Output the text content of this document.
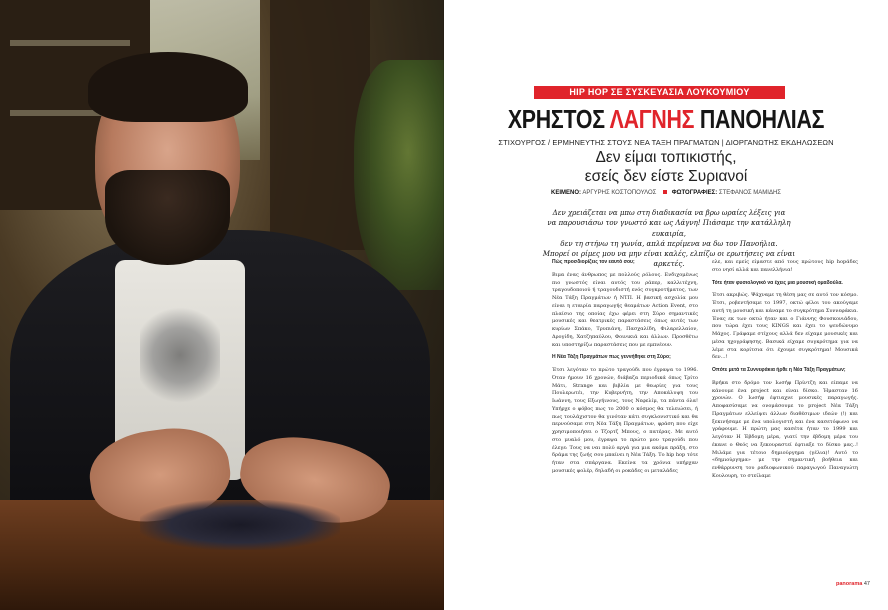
HIP HOP ΣΕ ΣΥΣΚΕΥΑΣΙΑ ΛΟΥΚΟΥΜΙΟΥ
ΧΡΗΣΤΟΣ ΛΑΓΝΗΣ ΠΑΝΟΗΛΙΑΣ
ΣΤΙΧΟΥΡΓΟΣ / ΕΡΜΗΝΕΥΤΗΣ ΣΤΟΥΣ ΝΕΑ ΤΑΞΗ ΠΡΑΓΜΑΤΩΝ | ΔΙΟΡΓΑΝΩΤΗΣ ΕΚΔΗΛΩΣΕΩΝ
Δεν είμαι τοπικιστής,
εσείς δεν είστε Συριανοί
ΚΕΙΜΕΝΟ: ΑΡΓΥΡΗΣ ΚΟΣΤΟΠΟΥΛΟΣ	ΦΩΤΟΓΡΑΦΙΕΣ: ΣΤΕΦΑΝΟΣ ΜΑΜΙΔΗΣ
Δεν χρειάζεται να μπω στη διαδικασία να βρω ωραίες λέξεις για
να παρουσιάσω τον γνωστό και ως Λάγνη! Πιάσαμε την κατάλληλη ευκαιρία,
δεν τη στήνω τη γωνία, απλά περίμενα να δω τον Πανοήλια.
Μπορεί οι ρίμες μου να μην είναι καλές, ελπίζω οι ερωτήσεις να είναι αρκετές.

Πώς προσδιορίζεις τον εαυτό σου;

Βιμα ένας άνθρωπος με πολλούς ρόλους. Ενδιχομένως πιο γνωστός είναι αυτός του ράπερ, καλλιτέχνη, τραγουδοποιού ή τραγουδιστή ενός συγκροτήματος, των Νέα Τάξη Πραγμάτων ή ΝΤΠ. Η βασική ασχολία μου είναι η εταιρία παραγωγής θεαμάτων Action Event, στο πλαίσιο της οποίας έχω φέρει στη Σύρο σημαντικές μουσικές και θεατρικές παραστάσεις όπως αυτές των κυρίων Σπάκο, Τρυπιάνη, Πασχαλίδη, Φιλαρελλαίον, Δρογίδη, Χατζηπαύλου, Φοινικιά και άλλων. Προσθέτω και υποστηρίζω παραστάσεις που με εμπνέουν.

Η Νέα Τάξη Πραγμάτων πως γεννήθηκε στη Σύρο;

Έτσι λεγόταν το πρώτο τραγούδι που έγραψα το 1996. Όταν ήμουν 16 χρονών, διάβαζα περιοδικά όπως Τρίτο Μάτι, Strange και βιβλία με θεωρίες για τους Πουλερωτέι, την Κυβερνήτη, την Αποκάλυψη του Ιωάννη, τους Εξωγήινους, τους Νεφελίμ, τα πάντα όλα! Υπήρχε ο φόβος πως το 2000 ο κόσμος θα τελειώσει, ή πως τουλάχιστον θα γινόταν κάτι συγκλονιστικό και θα περνούσαμε στη Νέα Τάξη Πραγμάτων, φράση που είχε χρησιμοποιήσει ο Τζορτζ Μπους, ο πατέρας. Με αυτό στο μυαλό μου, έγραψα το πρώτο μου τραγούδι που έλεγε: Τους να ναι πολύ αργά για μια ακόμα πράξη, στο δράμα της ζωής σου μπαίνει η Νέα Τάξη. Το hip hop τότε ήταν στα σπάργανα. Εκείνα τα χρόνια υπήρχαν μουσικές φολέρ, δηλαδή οι ροκάδες οι μεταλάδες

ελε, και εμείς είμαστε από τους πρώτους hip hopάδες στο νησί αλλά και πανελλήνια!

Τότε ήταν φυσιολογικό να έχεις μια μουσική ομαδούλα.

Έτσι ακριβώς. Ψάχναμε τη θέση μας σε αυτό τον κόσμο. Έτσι, ροβεντήσαμε το 1997, οκτώ φίλοι του ακούγαμε αυτή τη μουσική και κάναμε το συγκρότημα Συννεφάκια. Ένας εκ των οκτώ ήταν και ο Γιάννης Φουσκονιάδου, που τώρα έχει τους KINGS και έχει το ψευδώνυμο Μάχος. Γράφαμε στίχους αλλά δεν είχαμε μουσικές και μέσα ηχογράφησης. Βασικά είχαμε συγκρότημα για να λέμε στα κορίτσια ότι έχουμε συγκρότημα! Μουσικά δεν…!

Οπότε μετά τα Συννεφάκια ήρθε η Νέα Τάξη Πραγμάτων;

Βρήκα στο δρόμο τον Ιωσήφ Πρίντζη και είπαμε να κάνουμε ένα project και είναι δίσκο. Ήμασταν 16 χρονών. Ο Ιωσήφ έφτιαχνε μουσικές παραγωγής. Αποφασίσαμε να ονομάσουμε το project Νέα Τάξη Πραγμάτων ελλείψει άλλων διαθέσιμων ιδεών (!) και ξεκινήσαμε με ένα υπολογιστή και ένα κασετόφωνο να γράφουμε. Η πρώτη μας κασέτα ήταν το 1999 και λεγόταν Η Έβδομη μέρα, γιατί την έβδομη μέρα του έκανε ο Θεός να ξεκουραστεί έφτιαξε το δίσκο μας..! Μιλάμε για τέτοιο δημιούργημα (γέλια)! Αυτό το «δημιούργημα» με την σημαντική βοήθεια και ενθάρρυνση του ραδιοφωνικού παραγωγού Παναγιώτη Κουλουρη, το στείλαμε

panorama 47
